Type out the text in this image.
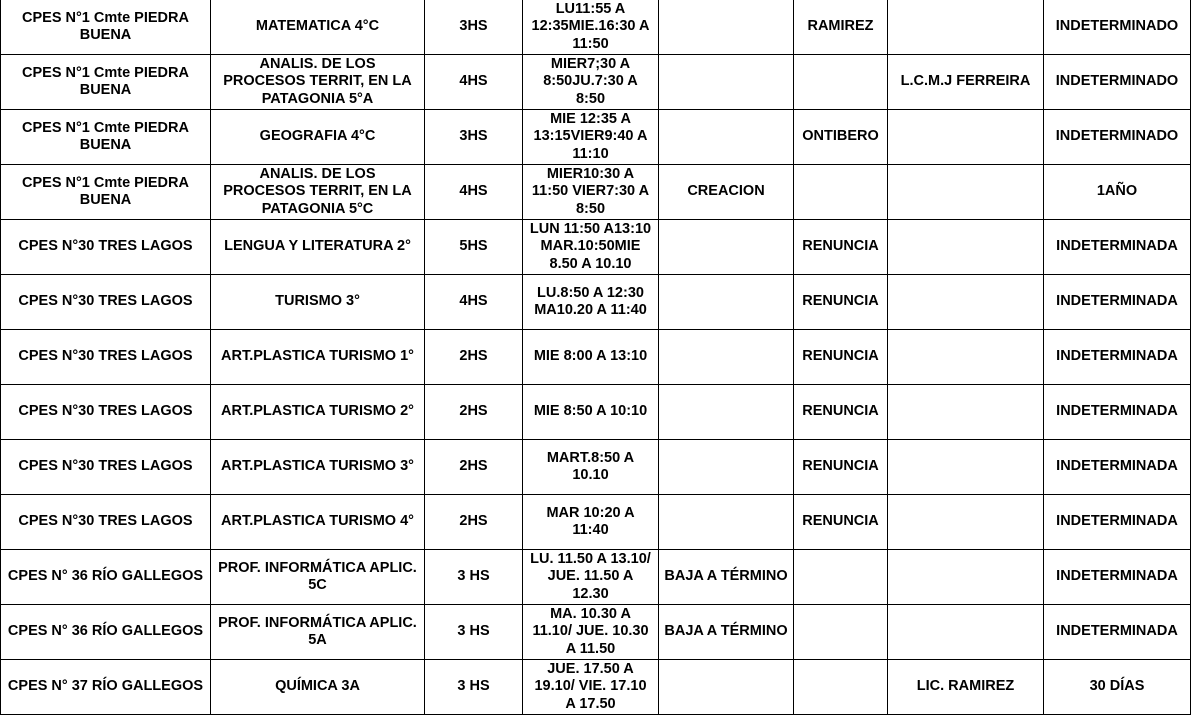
CPES N°1 Cmte PIEDRA
BUENA	MATEMATICA 4°C	3HS	LU11:55 A
12:35MIE.16:30 A
11:50		RAMIREZ		INDETERMINADO
CPES N°1 Cmte PIEDRA
BUENA	ANALIS. DE LOS
PROCESOS TERRIT, EN LA
PATAGONIA 5°A	4HS	MIER7;30 A
8:50JU.7:30 A
8:50			L.C.M.J FERREIRA	INDETERMINADO
CPES N°1 Cmte PIEDRA
BUENA	GEOGRAFIA 4°C	3HS	MIE 12:35 A
13:15VIER9:40 A
11:10		ONTIBERO		INDETERMINADO
CPES N°1 Cmte PIEDRA
BUENA	ANALIS. DE LOS
PROCESOS TERRIT, EN LA
PATAGONIA 5°C	4HS	MIER10:30 A
11:50 VIER7:30 A
8:50	CREACION			1AÑO
CPES N°30 TRES LAGOS	LENGUA Y LITERATURA 2°	5HS	LUN 11:50 A13:10
MAR.10:50MIE
8.50 A 10.10		RENUNCIA		INDETERMINADA
CPES N°30 TRES LAGOS	TURISMO 3°	4HS	LU.8:50 A 12:30
MA10.20 A 11:40		RENUNCIA		INDETERMINADA
CPES N°30 TRES LAGOS	ART.PLASTICA TURISMO 1°	2HS	MIE 8:00 A 13:10		RENUNCIA		INDETERMINADA
CPES N°30 TRES LAGOS	ART.PLASTICA TURISMO 2°	2HS	MIE 8:50 A 10:10		RENUNCIA		INDETERMINADA
CPES N°30 TRES LAGOS	ART.PLASTICA TURISMO 3°	2HS	MART.8:50 A
10.10		RENUNCIA		INDETERMINADA
CPES N°30 TRES LAGOS	ART.PLASTICA TURISMO 4°	2HS	MAR 10:20 A
11:40		RENUNCIA		INDETERMINADA
CPES N° 36 RÍO GALLEGOS	PROF. INFORMÁTICA APLIC.
5C	3 HS	LU. 11.50 A 13.10/
JUE. 11.50 A
12.30	BAJA A TÉRMINO			INDETERMINADA
CPES N° 36 RÍO GALLEGOS	PROF. INFORMÁTICA APLIC.
5A	3 HS	MA. 10.30 A
11.10/ JUE. 10.30
A 11.50	BAJA A TÉRMINO			INDETERMINADA
CPES N° 37 RÍO GALLEGOS	QUÍMICA 3A	3 HS	JUE. 17.50 A
19.10/ VIE. 17.10
A 17.50			LIC. RAMIREZ	30 DÍAS
